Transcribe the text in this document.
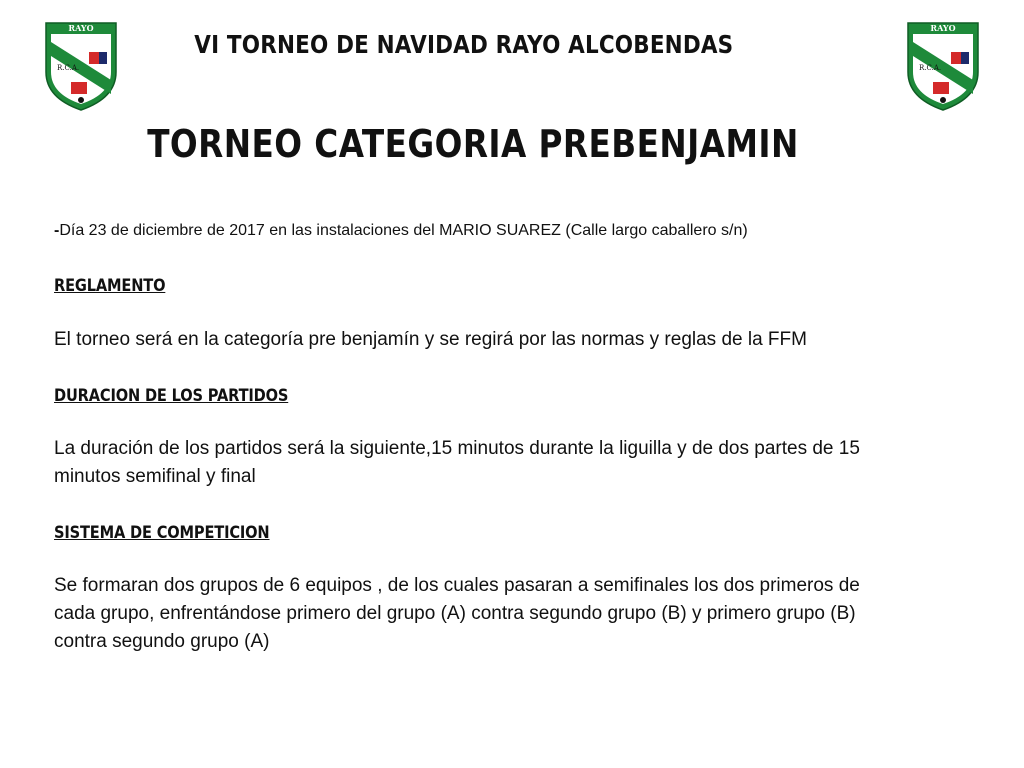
RAYO
R.C.A.
RAYO
R.C.A.
VI TORNEO DE NAVIDAD RAYO ALCOBENDAS
TORNEO CATEGORIA PREBENJAMIN
-Día 23 de diciembre de 2017 en las instalaciones del MARIO SUAREZ (Calle largo caballero s/n)
REGLAMENTO
El torneo será en la categoría pre benjamín y se regirá por las normas y reglas de la FFM
DURACION DE LOS PARTIDOS
La duración de los partidos será la siguiente,15 minutos durante la liguilla y de dos partes de 15 minutos semifinal y final
SISTEMA DE COMPETICION
Se formaran dos grupos de 6 equipos , de los cuales pasaran a semifinales los dos primeros de cada grupo, enfrentándose primero del grupo (A) contra segundo grupo (B) y primero grupo (B) contra segundo grupo (A)
